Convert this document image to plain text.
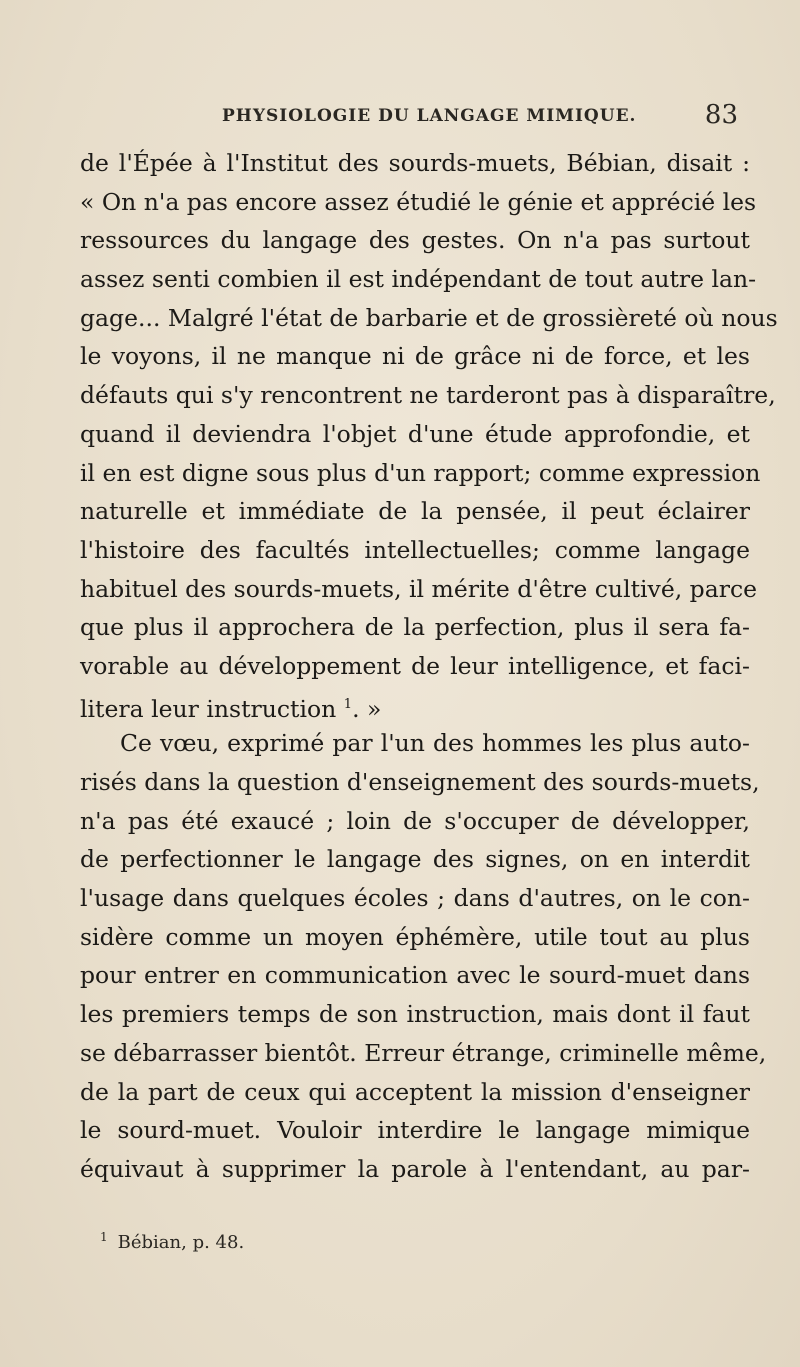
PHYSIOLOGIE DU LANGAGE MIMIQUE.	83
de l'Épée à l'Institut des sourds-muets, Bébian, disait :
« On n'a pas encore assez étudié le génie et apprécié les
ressources du langage des gestes. On n'a pas surtout
assez senti combien il est indépendant de tout autre lan-
gage... Malgré l'état de barbarie et de grossièreté où nous
le voyons, il ne manque ni de grâce ni de force, et les
défauts qui s'y rencontrent ne tarderont pas à disparaître,
quand il deviendra l'objet d'une étude approfondie, et
il en est digne sous plus d'un rapport; comme expression
naturelle et immédiate de la pensée, il peut éclairer
l'histoire des facultés intellectuelles; comme langage
habituel des sourds-muets, il mérite d'être cultivé, parce
que plus il approchera de la perfection, plus il sera fa-
vorable au développement de leur intelligence, et faci-
litera leur instruction $^1$. »
Ce vœu, exprimé par l'un des hommes les plus auto-
risés dans la question d'enseignement des sourds-muets,
n'a pas été exaucé ; loin de s'occuper de développer,
de perfectionner le langage des signes, on en interdit
l'usage dans quelques écoles ; dans d'autres, on le con-
sidère comme un moyen éphémère, utile tout au plus
pour entrer en communication avec le sourd-muet dans
les premiers temps de son instruction, mais dont il faut
se débarrasser bientôt. Erreur étrange, criminelle même,
de la part de ceux qui acceptent la mission d'enseigner
le sourd-muet. Vouloir interdire le langage mimique
équivaut à supprimer la parole à l'entendant, au par-
$^1$ Bébian, p. 48.
